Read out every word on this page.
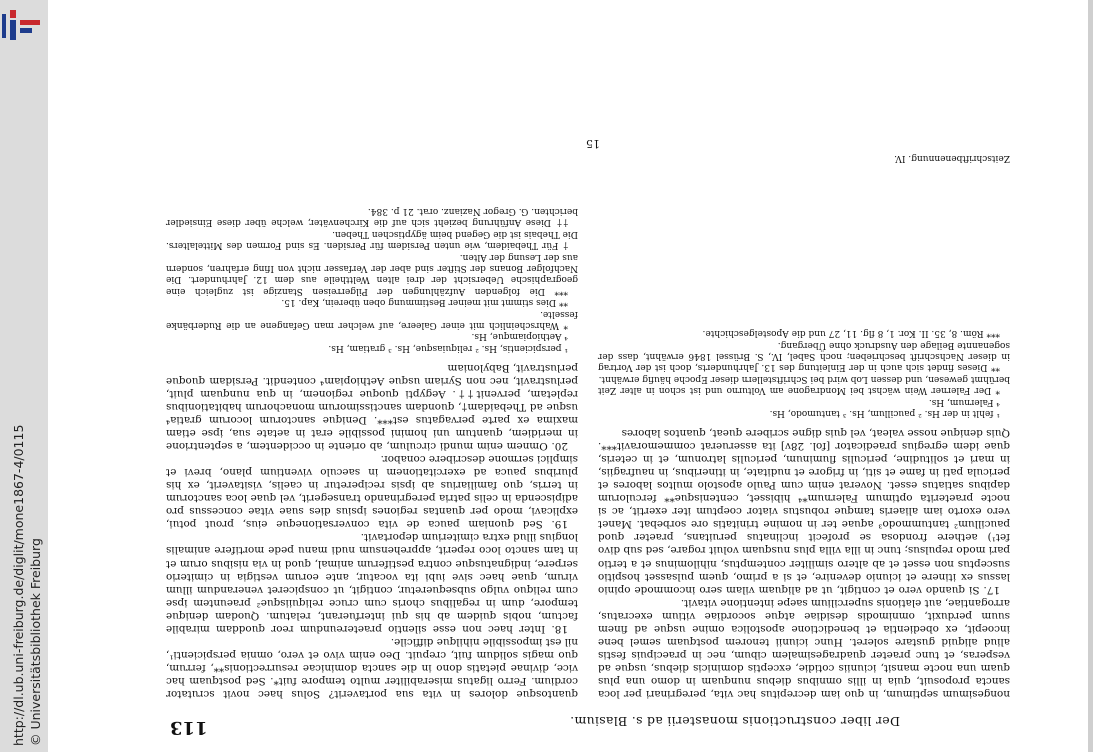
http://dl.ub.uni-freiburg.de/diglit/mone1867-4/0115 © Universitätsbibliothek Freiburg	Der liber constructionis monasterii ad s. Blasium.
113

nongesimum septimum, in quo iam decrepitus hac vita, peregrinari per loca sancta proposuit, quia in illis omnibus diebus nunquam in domo una plus quam una nocte mansit, iciuniis cotidie, exceptis dominicis diebus, usque ad vesperas, et tunc praeter quadragesimalem cibum, nec in praecipuis festis aliud aliquid gustare soleret. Hunc iciunii tenorem postquam semel bene incoepit, ex obedientia et benedictione apostolica omine usque ad finem suum perduxit, omnimodis desidiae atque socordiae vitium execratus, arrogantiae, aut elationis supercilium saepe intentione vitavit.

17. Si quando vero et contigit, ut ad aliquam vilam sero incommode opinio lassus ex itinere et iciunio devenire, et si a primo, quem pulsasset hospitio susceptus non esset et ab altero similiter contemptus, nihilominus et a tertio pari modo repulsus; tunc in illa villa plus nusquam voluit rogare, sed sub divo fet¹) aethere frondosa se profecit inclinatus peruitans, praeter quod paucillum² tantummodo³ aquae ter in nomine trinitatis ore sorbebat. Manet vero exorto iam aliaeris tamque robustus viator coeptum iter exertit, ac si nocte praeterita optimum Falernum*⁴ hibisset, centenisque** ferculorum dapibus satiatus esset. Noverat enim cum Paulo apostolo multos labores et pericula pati in fame et siti, in frigore et nuditate, in itineribus, in naufragiis, in mari et solitudine, periculis fluminum, periculis latronum, et in ceteris, quae idem egregius praedicator [fol. 28v] ita asseruerat commemoravit***. Quis denique nosse valeat, vel quis digne scribere queat, quantos labores

¹ fehlt in der Hs. ² paucillum, Hs. ³ tantumodo, Hs.

⁴ Falernum, Hs.

* Der Falerner Wein wächst bei Mondragone am Volturno und ist schon in alter Zeit berühmt gewesen, und dessen Lob wird bei Schriftstellern dieser Epoche häufig erwähnt.

** Dieses findet sich auch in der Einleitung des 13. Jahrhunderts, doch ist der Vortrag in dieser Nachschrift beschrieben; noch Sabel, IV., S. Brüssel 1846 erwähnt, dass der sogenannte Beilage den Ausdruck ohne Übergang.

*** Röm. 8, 35. II. Kor. 1, 8 flg. 11, 27 und die Apostelgeschichte.

quantosque dolores in vita sua portaverit? Solus haec novit scrutator cordium. Ferro ligatus miserabiliter multo tempore fuit*. Sed postquam hac vice, divinae pietatis dono in die sancta dominicae resurrectionis**, ferrum, quo magis solidum fuit, crepuit. Deo enim vivo et vero, omnia perspicienti¹, nil est impossibile nihilque difficile.

18. Inter haec non esse silentio praetereundum reor quoddam mirabile factum, nobis quidem ab his qui interfuerant, relatum. Quodam denique tempore, dum in regalibus choris cum cruce reliquiisque² praeuntem ipse cum reliquo vulgo subsequeretur, contigit, ut conspiceret venerandum illum virum, quae haec sive iubi ita vocatur, ante eorum vestigia in cimiterio serpere, indignatusque contra pestiferum animal, quod in via nisibus orum et in tam sancto loco reperit, apprehensum nudi manu pede mortifere animalis longius illud extra cimiterium deportavit.

19. Sed quoniam pauca de vita conversationeque eius, prout potui, explicavi, modo per quantas regiones ipsius dies suae vitae concessus pro adipiscenda in celis patria peregrinando transegerit, vel quae loca sanctorum in terris, quo familiarius ab ipsis reciperetur in caelis, visitaverit, ex his pluribus pauca ad exercitationem in saeculo viventium plano, brevi et simplici sermone describere conabor.

20. Omnem enim mundi circulum, ab oriente in occidentem, a septentrione in meridiem, quantum uni homini possibile erat in aetate sua, ipse etiam maxima ex parte pervagatus est***. Denique sanctorum locorum gratia⁴ usque ad Thebaidam†, quondam sanctissimorum monachorum habitationibus repletam, pervenit††. Aegypti quoque regionem, in qua nunquam pluit, perlustravit, nec non Syriam usque Aethiopiam⁴ contendit. Persidam quoque perlustravit, Babyloniam

¹ perspicientis, Hs. ² reliquiasque, Hs. ³ gratiam, Hs.

⁴ Aethiopiamque, Hs.

* Wahrscheinlich mit einer Galeere, auf welcher man Gefangene an die Ruderbänke fesselte.

** Dies stimmt mit meiner Bestimmung oben überein, Kap. 15.

*** Die folgenden Aufzählungen der Pilgerreisen Stanzige ist zugleich eine geographische Uebersicht der drei alten Welttheile aus dem 12. Jahrhundert. Die Nachfolger Bonans der Stifter sind aber der Verfasser nicht von Ifing erfahren, sondern aus der Lesung der Alten.

† Für Thebaidem, wie unten Persidem für Persiden. Es sind Formen des Mittelalters. Die Thebais ist die Gegend beim ägyptischen Theben.

†† Diese Anführung bezieht sich auf die Kirchenväter, welche über diese Einsiedler berichten. G. Gregor Nazianz. orat. 21 p. 384.

Zeitschriftbenennung. IV.
15
